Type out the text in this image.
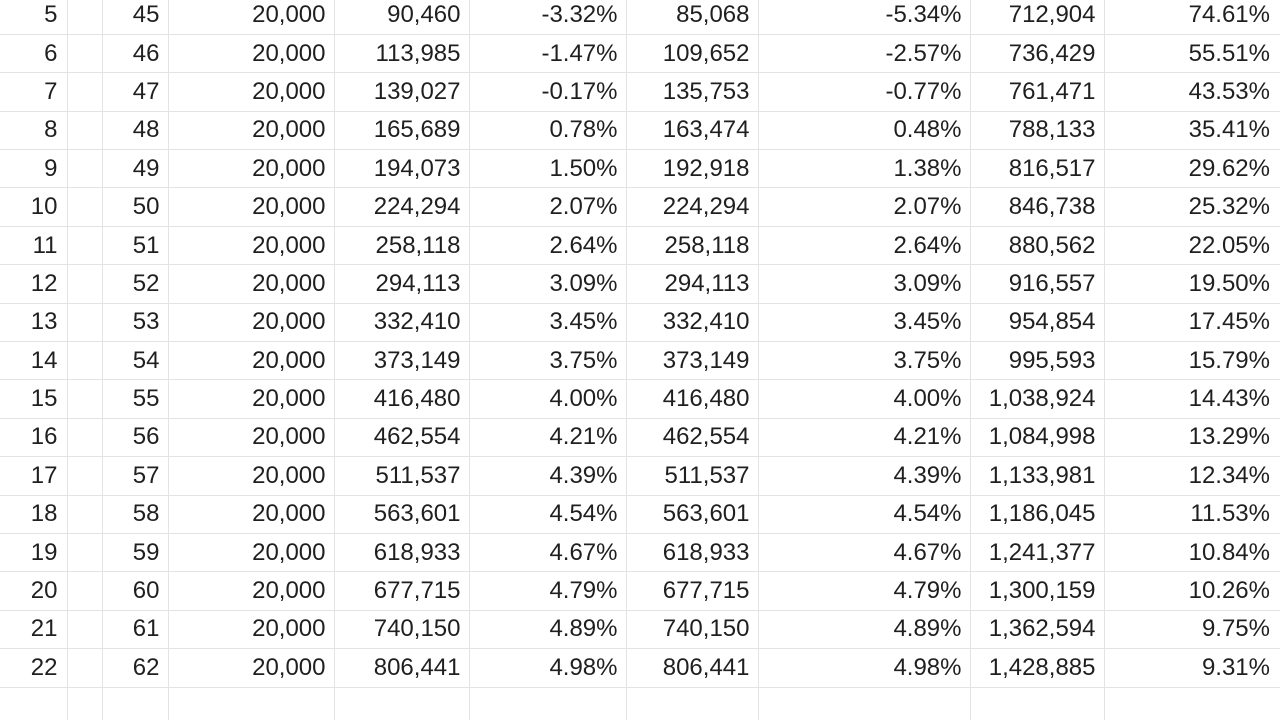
5		45	20,000	90,460	-3.32%	85,068	-5.34%	712,904	74.61%
6		46	20,000	113,985	-1.47%	109,652	-2.57%	736,429	55.51%
7		47	20,000	139,027	-0.17%	135,753	-0.77%	761,471	43.53%
8		48	20,000	165,689	0.78%	163,474	0.48%	788,133	35.41%
9		49	20,000	194,073	1.50%	192,918	1.38%	816,517	29.62%
10		50	20,000	224,294	2.07%	224,294	2.07%	846,738	25.32%
11		51	20,000	258,118	2.64%	258,118	2.64%	880,562	22.05%
12		52	20,000	294,113	3.09%	294,113	3.09%	916,557	19.50%
13		53	20,000	332,410	3.45%	332,410	3.45%	954,854	17.45%
14		54	20,000	373,149	3.75%	373,149	3.75%	995,593	15.79%
15		55	20,000	416,480	4.00%	416,480	4.00%	1,038,924	14.43%
16		56	20,000	462,554	4.21%	462,554	4.21%	1,084,998	13.29%
17		57	20,000	511,537	4.39%	511,537	4.39%	1,133,981	12.34%
18		58	20,000	563,601	4.54%	563,601	4.54%	1,186,045	11.53%
19		59	20,000	618,933	4.67%	618,933	4.67%	1,241,377	10.84%
20		60	20,000	677,715	4.79%	677,715	4.79%	1,300,159	10.26%
21		61	20,000	740,150	4.89%	740,150	4.89%	1,362,594	9.75%
22		62	20,000	806,441	4.98%	806,441	4.98%	1,428,885	9.31%
